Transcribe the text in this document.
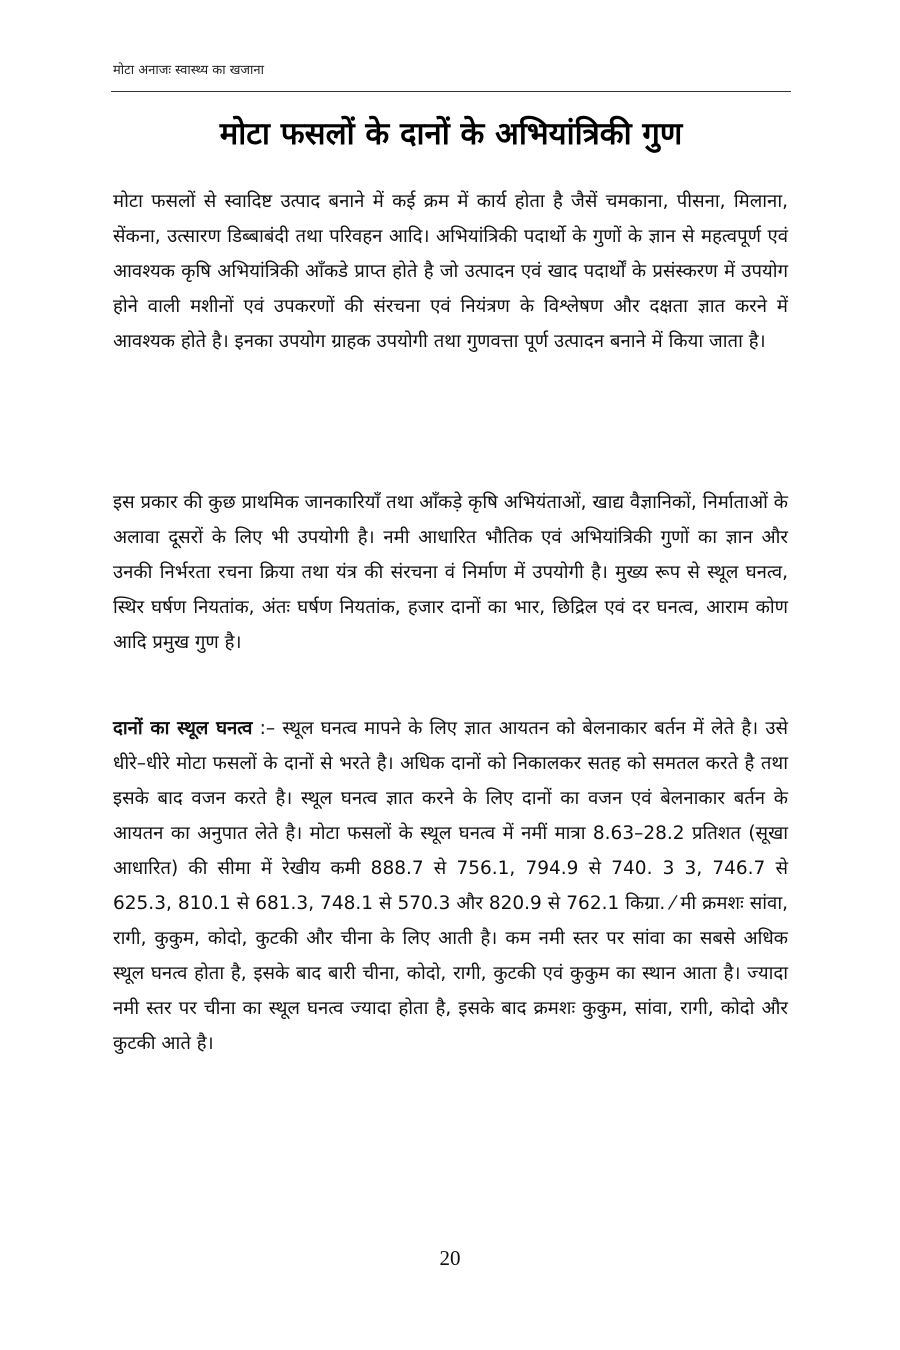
मोटा अनाजः स्वास्थ्य का खजाना
मोटा फसलों के दानों के अभियांत्रिकी गुण

मोटा फसलों से स्वादिष्ट उत्पाद बनाने में कई क्रम में कार्य होता है जैसें चमकाना, पीसना, मिलाना, सेंकना, उत्सारण डिब्बाबंदी तथा परिवहन आदि। अभियांत्रिकी पदार्थो के गुणों के ज्ञान से महत्वपूर्ण एवं आवश्यक कृषि अभियांत्रिकी आँकडे प्राप्त होते है जो उत्पादन एवं खाद पदार्थों के प्रसंस्करण में उपयोग होने वाली मशीनों एवं उपकरणों की संरचना एवं नियंत्रण के विश्लेषण और दक्षता ज्ञात करने में आवश्यक होते है। इनका उपयोग ग्राहक उपयोगी तथा गुणवत्ता पूर्ण उत्पादन बनाने में किया जाता है।

इस प्रकार की कुछ प्राथमिक जानकारियाँ तथा आँकड़े कृषि अभियंताओं, खाद्य वैज्ञानिकों, निर्माताओं के अलावा दूसरों के लिए भी उपयोगी है। नमी आधारित भौतिक एवं अभियांत्रिकी गुणों का ज्ञान और उनकी निर्भरता रचना क्रिया तथा यंत्र की संरचना वं निर्माण में उपयोगी है। मुख्य रूप से स्थूल घनत्व, स्थिर घर्षण नियतांक, अंतः घर्षण नियतांक, हजार दानों का भार, छिद्रिल एवं दर घनत्व, आराम कोण आदि प्रमुख गुण है।

दानों का स्थूल घनत्व :– स्थूल घनत्व मापने के लिए ज्ञात आयतन को बेलनाकार बर्तन में लेते है। उसे धीरे–धीरे मोटा फसलों के दानों से भरते है। अधिक दानों को निकालकर सतह को समतल करते है तथा इसके बाद वजन करते है। स्थूल घनत्व ज्ञात करने के लिए दानों का वजन एवं बेलनाकार बर्तन के आयतन का अनुपात लेते है। मोटा फसलों के स्थूल घनत्व में नमीं मात्रा 8.63–28.2 प्रतिशत (सूखा आधारित) की सीमा में रेखीय कमी 888.7 से 756.1, 794.9 से 740. 3 3, 746.7 से 625.3, 810.1 से 681.3, 748.1 से 570.3 और 820.9 से 762.1 किग्रा. ⁄ मी क्रमशः सांवा, रागी, कुकुम, कोदो, कुटकी और चीना के लिए आती है। कम नमी स्तर पर सांवा का सबसे अधिक स्थूल घनत्व होता है, इसके बाद बारी चीना, कोदो, रागी, कुटकी एवं कुकुम का स्थान आता है। ज्यादा नमी स्तर पर चीना का स्थूल घनत्व ज्यादा होता है, इसके बाद क्रमशः कुकुम, सांवा, रागी, कोदो और कुटकी आते है।

20
